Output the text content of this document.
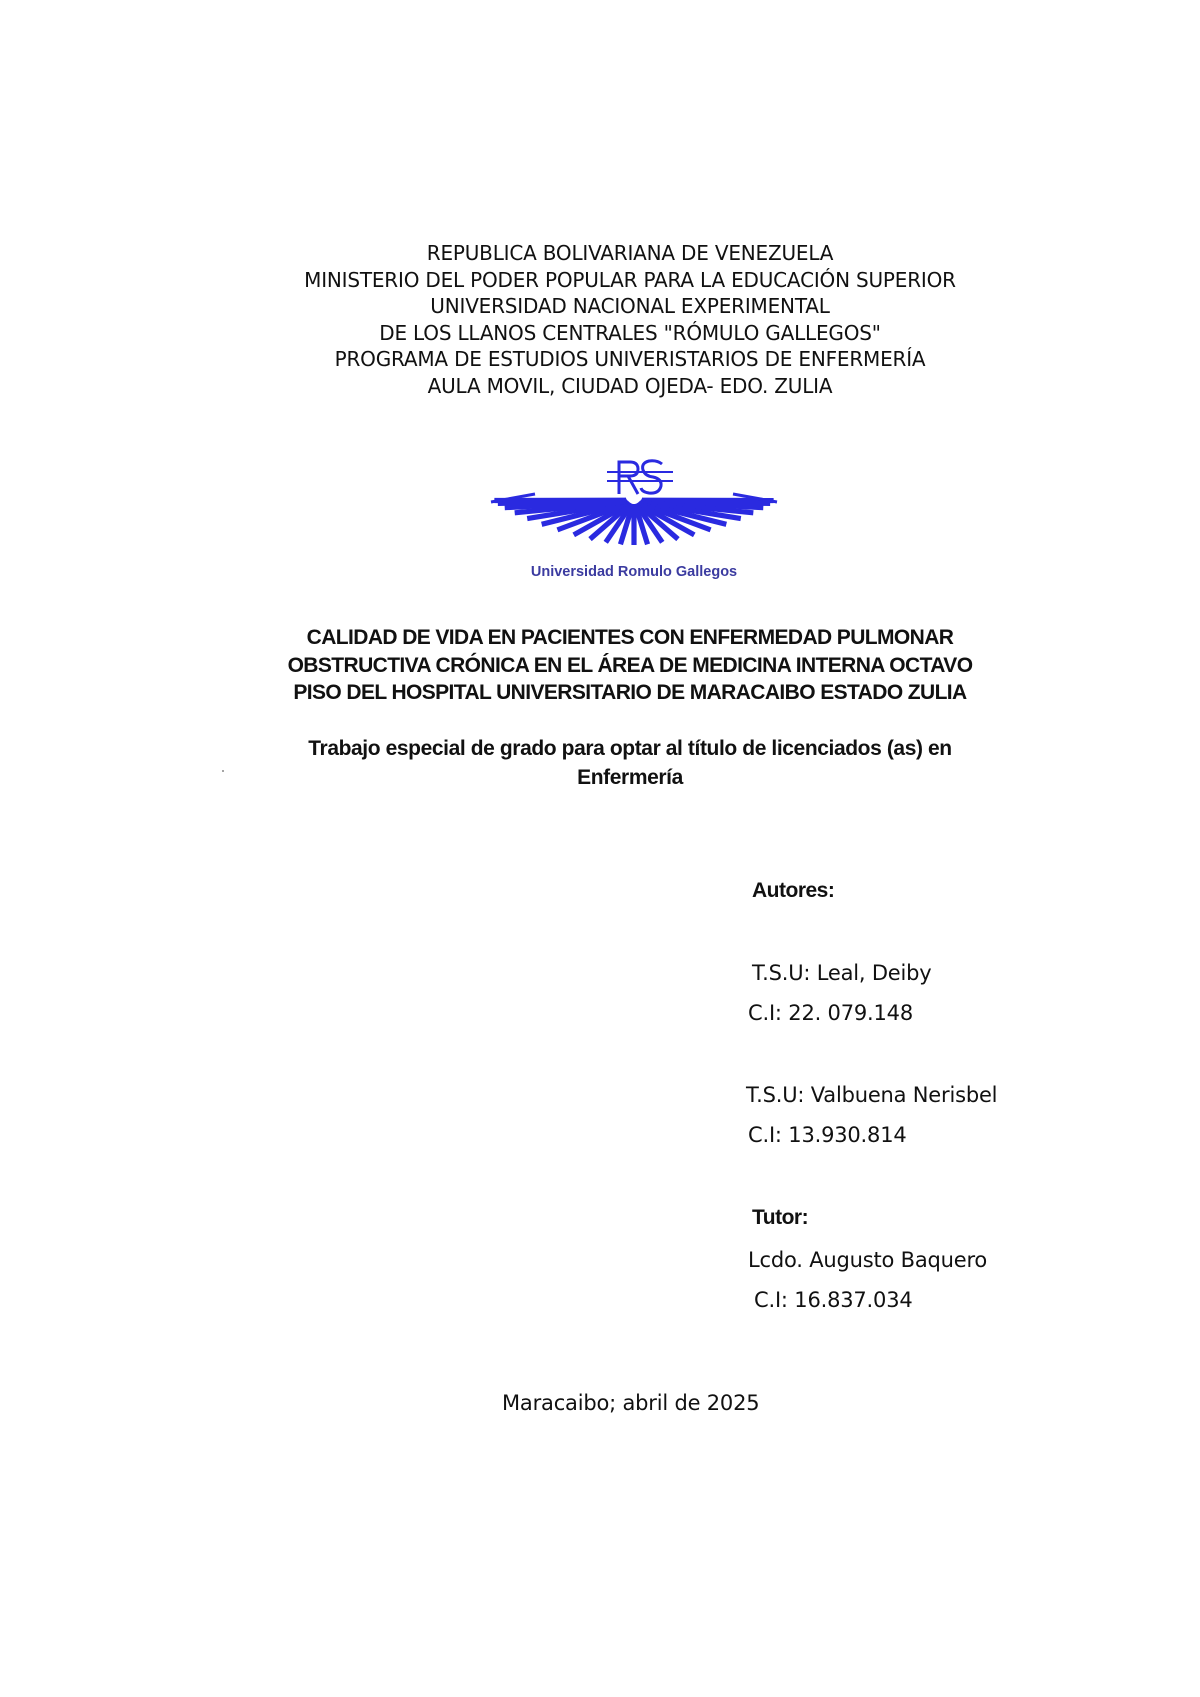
REPUBLICA BOLIVARIANA DE VENEZUELA
MINISTERIO DEL PODER POPULAR PARA LA EDUCACIÓN SUPERIOR
UNIVERSIDAD NACIONAL EXPERIMENTAL
DE LOS LLANOS CENTRALES "RÓMULO GALLEGOS"
PROGRAMA DE ESTUDIOS UNIVERISTARIOS DE ENFERMERÍA
AULA MOVIL, CIUDAD OJEDA- EDO. ZULIA
Universidad Romulo Gallegos
CALIDAD DE VIDA EN PACIENTES CON ENFERMEDAD PULMONAR
OBSTRUCTIVA CRÓNICA EN EL ÁREA DE MEDICINA INTERNA OCTAVO
PISO DEL HOSPITAL UNIVERSITARIO DE MARACAIBO ESTADO ZULIA
Trabajo especial de grado para optar al título de licenciados (as) en
Enfermería
Autores:
T.S.U: Leal, Deiby
C.I: 22. 079.148
T.S.U: Valbuena Nerisbel
C.I: 13.930.814
Tutor:
Lcdo. Augusto Baquero
C.I: 16.837.034
Maracaibo; abril de 2025
